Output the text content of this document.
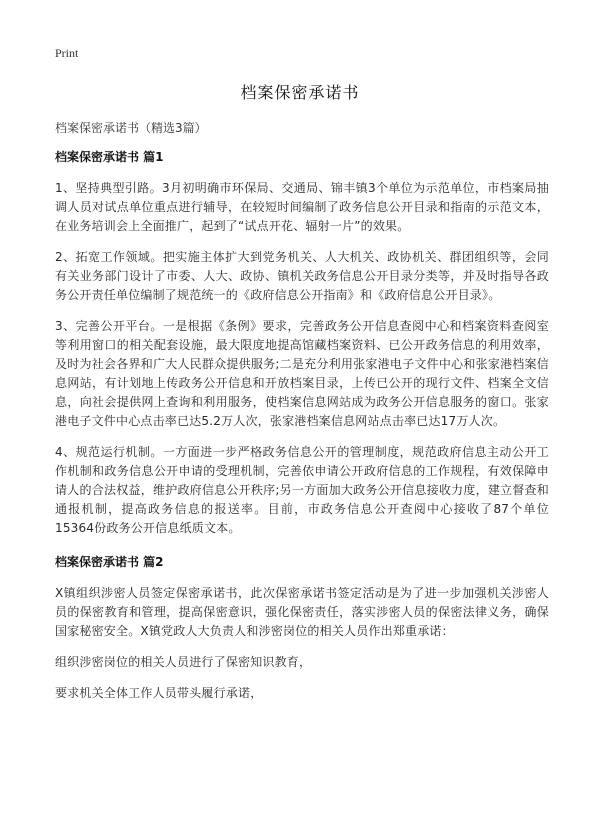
Print
档案保密承诺书
档案保密承诺书（精选3篇）
档案保密承诺书 篇1

1、坚持典型引路。3月初明确市环保局、交通局、锦丰镇3个单位为示范单位，市档案局抽调人员对试点单位重点进行辅导，在较短时间编制了政务信息公开目录和指南的示范文本，在业务培训会上全面推广，起到了“试点开花、辐射一片”的效果。

2、拓宽工作领域。把实施主体扩大到党务机关、人大机关、政协机关、群团组织等，会同有关业务部门设计了市委、人大、政协、镇机关政务信息公开目录分类等，并及时指导各政务公开责任单位编制了规范统一的《政府信息公开指南》和《政府信息公开目录》。

3、完善公开平台。一是根据《条例》要求，完善政务公开信息查阅中心和档案资料查阅室等利用窗口的相关配套设施，最大限度地提高馆藏档案资料、已公开政务信息的利用效率，及时为社会各界和广大人民群众提供服务;二是充分利用张家港电子文件中心和张家港档案信息网站，有计划地上传政务公开信息和开放档案目录，上传已公开的现行文件、档案全文信息，向社会提供网上查询和利用服务，使档案信息网站成为政务公开信息服务的窗口。张家港电子文件中心点击率已达5.2万人次，张家港档案信息网站点击率已达17万人次。

4、规范运行机制。一方面进一步严格政务信息公开的管理制度，规范政府信息主动公开工作机制和政务信息公开申请的受理机制，完善依申请公开政府信息的工作规程，有效保障申请人的合法权益，维护政府信息公开秩序;另一方面加大政务公开信息接收力度，建立督查和通报机制，提高政务信息的报送率。目前，市政务信息公开查阅中心接收了87个单位15364份政务公开信息纸质文本。

档案保密承诺书 篇2

X镇组织涉密人员签定保密承诺书，此次保密承诺书签定活动是为了进一步加强机关涉密人员的保密教育和管理，提高保密意识，强化保密责任，落实涉密人员的保密法律义务，确保国家秘密安全。X镇党政人大负责人和涉密岗位的相关人员作出郑重承诺：

组织涉密岗位的相关人员进行了保密知识教育，

要求机关全体工作人员带头履行承诺，
